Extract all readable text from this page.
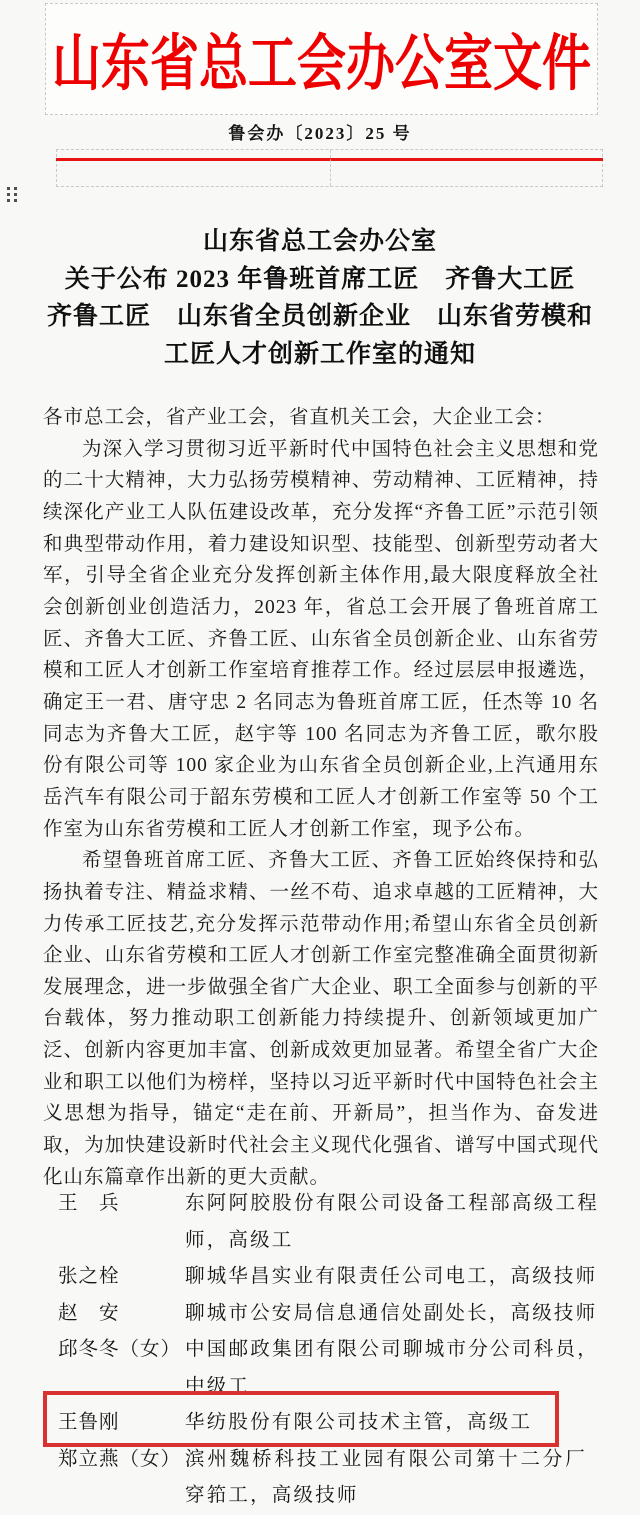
山东省总工会办公室文件
鲁会办〔2023〕25 号
山东省总工会办公室
关于公布 2023 年鲁班首席工匠　齐鲁大工匠
齐鲁工匠　山东省全员创新企业　山东省劳模和
工匠人才创新工作室的通知
各市总工会，省产业工会，省直机关工会，大企业工会：

为深入学习贯彻习近平新时代中国特色社会主义思想和党的二十大精神，大力弘扬劳模精神、劳动精神、工匠精神，持续深化产业工人队伍建设改革，充分发挥“齐鲁工匠”示范引领和典型带动作用，着力建设知识型、技能型、创新型劳动者大军，引导全省企业充分发挥创新主体作用,最大限度释放全社会创新创业创造活力，2023 年，省总工会开展了鲁班首席工匠、齐鲁大工匠、齐鲁工匠、山东省全员创新企业、山东省劳模和工匠人才创新工作室培育推荐工作。经过层层申报遴选，确定王一君、唐守忠 2 名同志为鲁班首席工匠，任杰等 10 名同志为齐鲁大工匠，赵宇等 100 名同志为齐鲁工匠，歌尔股份有限公司等 100 家企业为山东省全员创新企业,上汽通用东岳汽车有限公司于韶东劳模和工匠人才创新工作室等 50 个工作室为山东省劳模和工匠人才创新工作室，现予公布。

希望鲁班首席工匠、齐鲁大工匠、齐鲁工匠始终保持和弘扬执着专注、精益求精、一丝不苟、追求卓越的工匠精神，大力传承工匠技艺,充分发挥示范带动作用;希望山东省全员创新企业、山东省劳模和工匠人才创新工作室完整准确全面贯彻新发展理念，进一步做强全省广大企业、职工全面参与创新的平台载体，努力推动职工创新能力持续提升、创新领域更加广泛、创新内容更加丰富、创新成效更加显著。希望全省广大企业和职工以他们为榜样，坚持以习近平新时代中国特色社会主义思想为指导，锚定“走在前、开新局”，担当作为、奋发进取，为加快建设新时代社会主义现代化强省、谱写中国式现代化山东篇章作出新的更大贡献。

王　兵	东阿阿胶股份有限公司设备工程部高级工程师，高级工
张之栓	聊城华昌实业有限责任公司电工，高级技师
赵　安	聊城市公安局信息通信处副处长，高级技师
邱冬冬（女） 中国邮政集团有限公司聊城市分公司科员，中级工
王鲁刚	华纺股份有限公司技术主管，高级工
郑立燕（女） 滨州魏桥科技工业园有限公司第十二分厂穿筘工，高级技师
